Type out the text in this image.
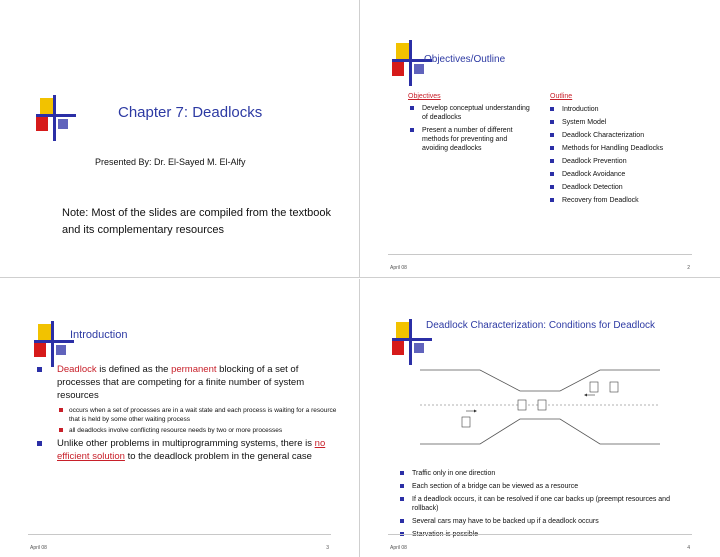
Chapter 7: Deadlocks
Presented By: Dr. El-Sayed M. El-Alfy
Note: Most of the slides are compiled from the textbook and its complementary resources
Objectives/Outline
Objectives
Develop conceptual understanding of deadlocks
Present a number of different methods for preventing and avoiding deadlocks
Outline
Introduction
System Model
Deadlock Characterization
Methods for Handling Deadlocks
Deadlock Prevention
Deadlock Avoidance
Deadlock Detection
Recovery from Deadlock
April 08	2
Introduction
Deadlock is defined as the permanent blocking of a set of processes that are competing for a finite number of system resources
occurs when a set of processes are in a wait state and each process is waiting for a resource that is held by some other waiting process
all deadlocks involve conflicting resource needs by two or more processes
Unlike other problems in multiprogramming systems, there is no efficient solution to the deadlock problem in the general case
April 08	3
Deadlock Characterization: Conditions for Deadlock
Traffic only in one direction
Each section of a bridge can be viewed as a resource
If a deadlock occurs, it can be resolved if one car backs up (preempt resources and rollback)
Several cars may have to be backed up if a deadlock occurs
April 08	4
